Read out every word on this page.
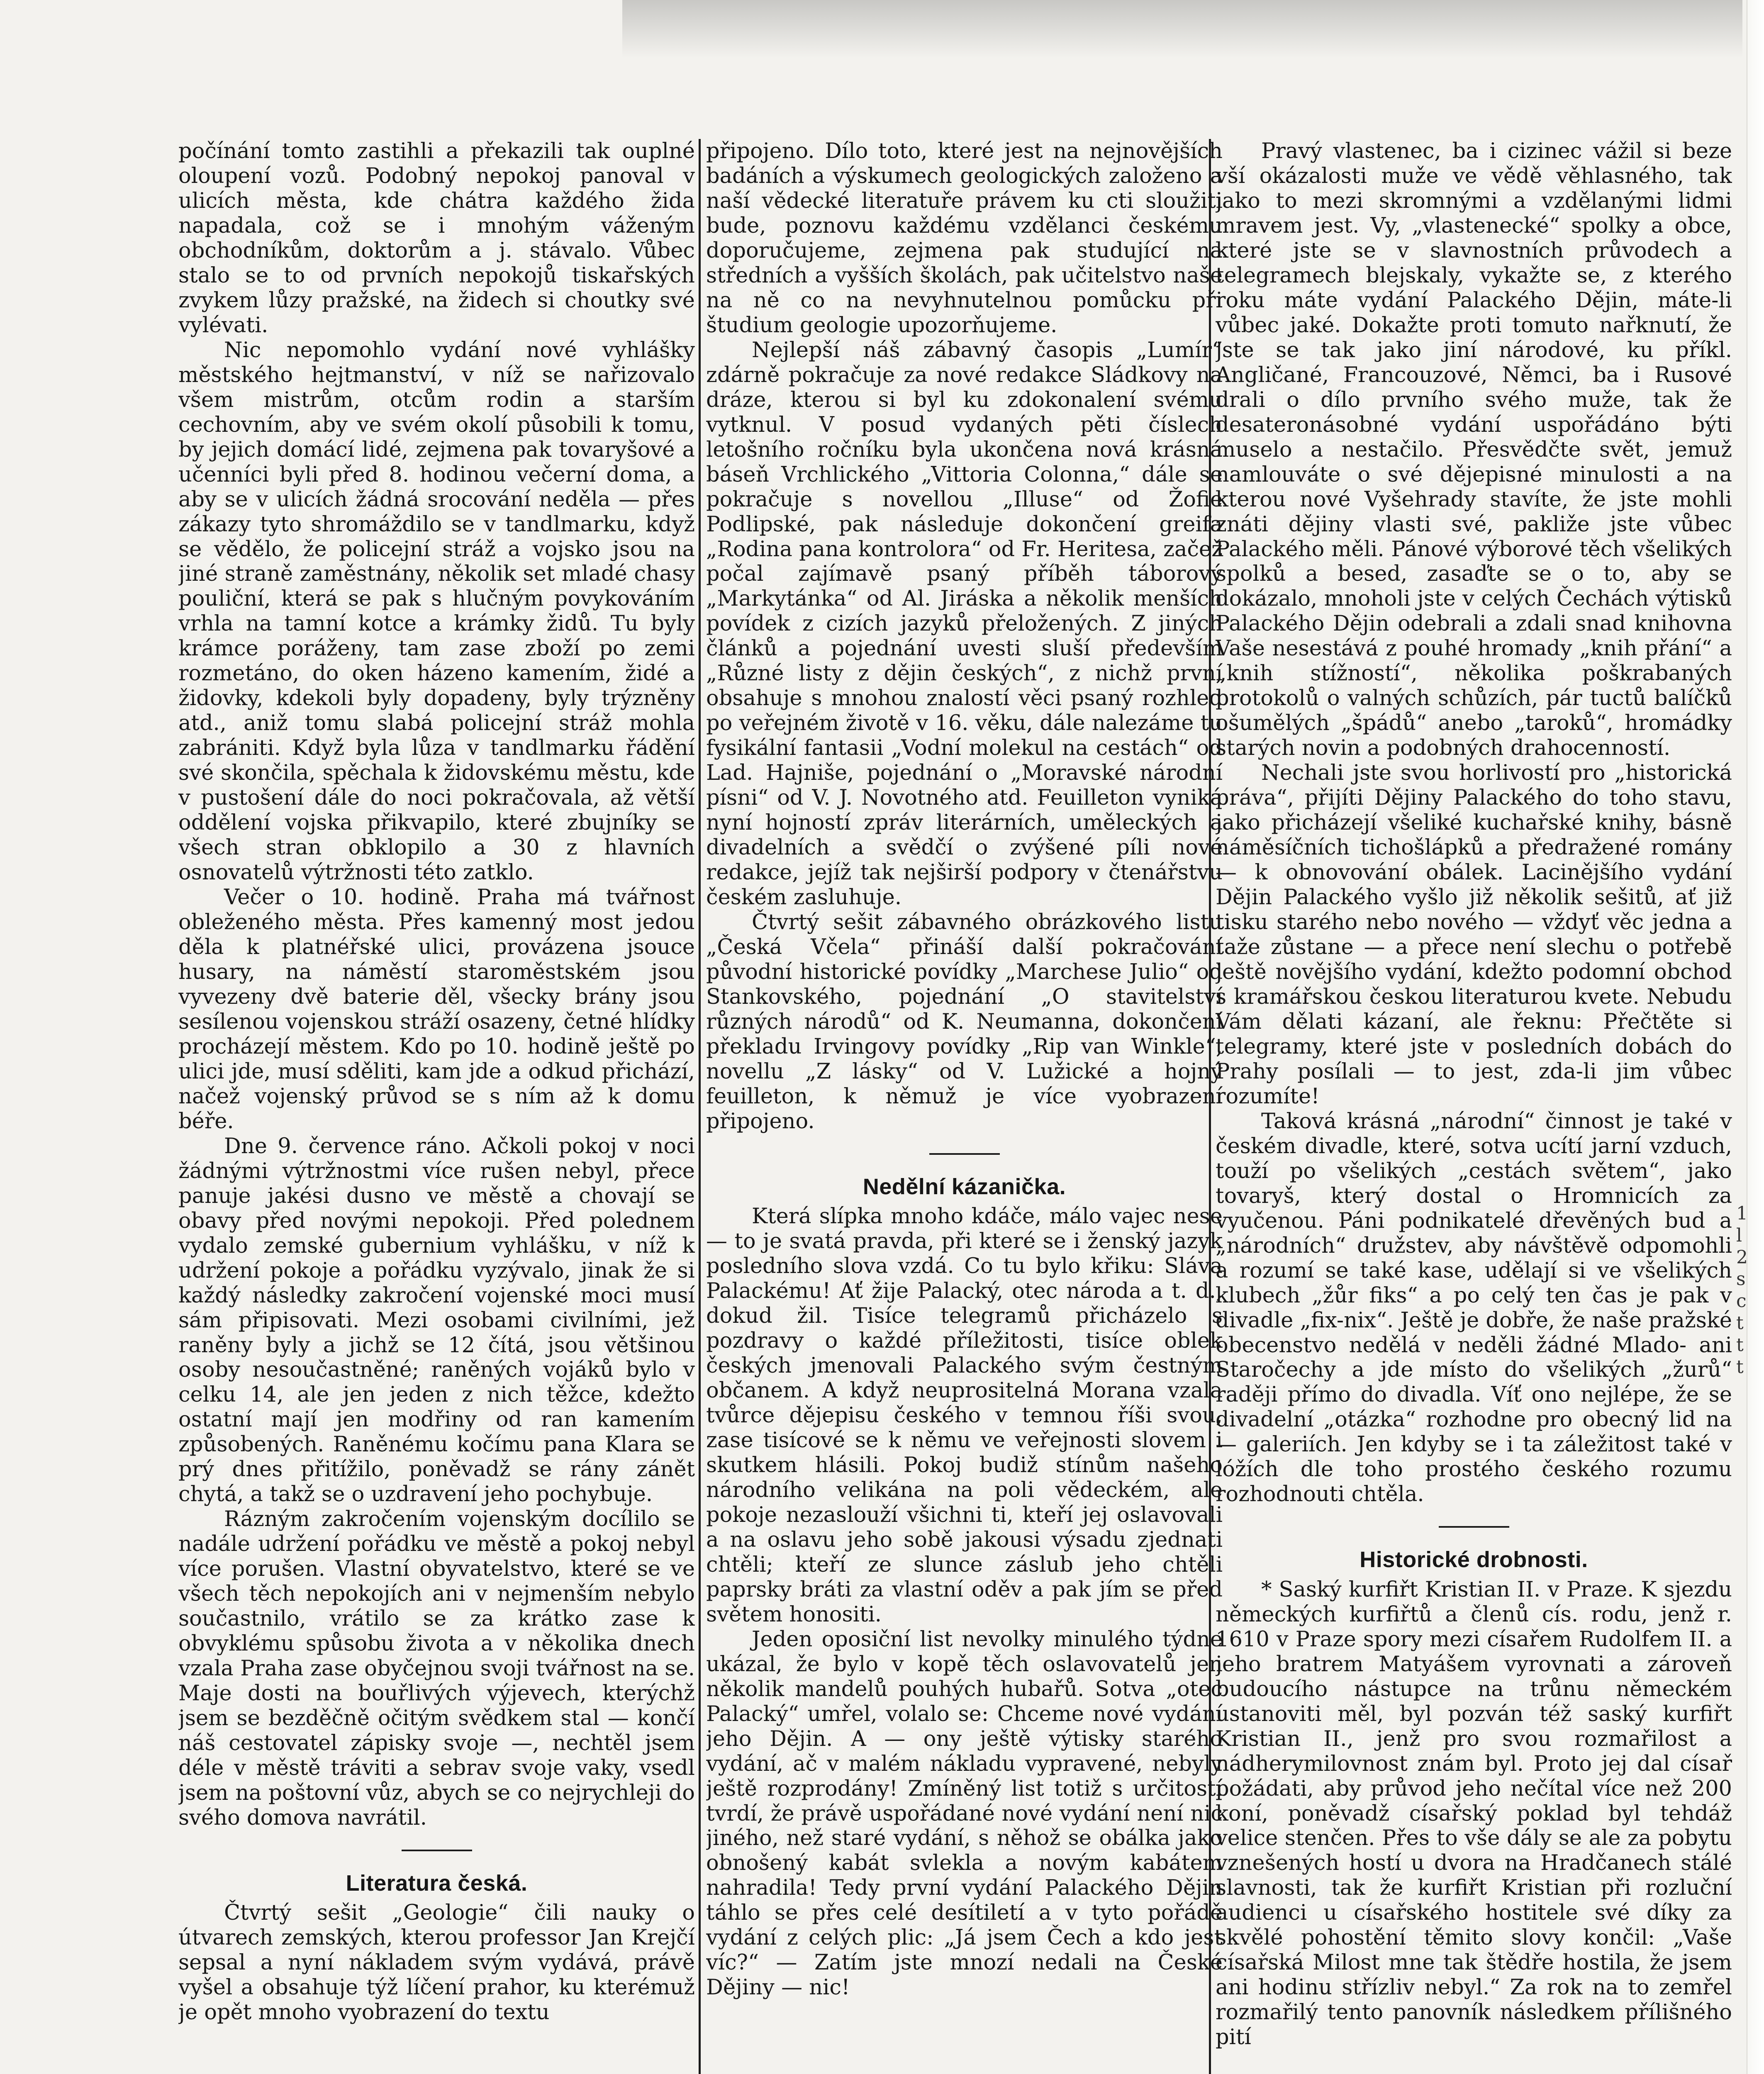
počínání tomto zastihli a překazili tak ouplné oloupení vozů. Podobný nepokoj panoval v ulicích města, kde chátra každého žida napadala, což se i mnohým váženým obchodníkům, doktorům a j. stávalo. Vůbec stalo se to od prvních nepokojů tiskařských zvykem lůzy pražské, na židech si choutky své vylévati.

Nic nepomohlo vydání nové vyhlášky městského hejtmanství, v níž se nařizovalo všem mistrům, otcům rodin a starším cechovním, aby ve svém okolí působili k tomu, by jejich domácí lidé, zejmena pak tovaryšové a učenníci byli před 8. hodinou večerní doma, a aby se v ulicích žádná srocování neděla — přes zákazy tyto shromáždilo se v tandlmarku, když se vědělo, že policejní stráž a vojsko jsou na jiné straně zaměstnány, několik set mladé chasy pouliční, která se pak s hlučným povykováním vrhla na tamní kotce a krámky židů. Tu byly krámce poráženy, tam zase zboží po zemi rozmetáno, do oken házeno kamením, židé a židovky, kdekoli byly dopadeny, byly trýzněny atd., aniž tomu slabá policejní stráž mohla zabrániti. Když byla lůza v tandlmarku řádění své skončila, spěchala k židovskému městu, kde v pustošení dále do noci pokračovala, až větší oddělení vojska přikvapilo, které zbujníky se všech stran obklopilo a 30 z hlavních osnovatelů výtržnosti této zatklo.

Večer o 10. hodině. Praha má tvářnost obleženého města. Přes kamenný most jedou děla k platnéřské ulici, provázena jsouce husary, na náměstí staroměstském jsou vyvezeny dvě baterie děl, všecky brány jsou sesílenou vojenskou stráží osazeny, četné hlídky procházejí městem. Kdo po 10. hodině ještě po ulici jde, musí sděliti, kam jde a odkud přichází, načež vojenský průvod se s ním až k domu béře.

Dne 9. července ráno. Ačkoli pokoj v noci žádnými výtržnostmi více rušen nebyl, přece panuje jakési dusno ve městě a chovají se obavy před novými nepokoji. Před polednem vydalo zemské gubernium vyhlášku, v níž k udržení pokoje a pořádku vyzývalo, jinak že si každý následky zakročení vojenské moci musí sám připisovati. Mezi osobami civilními, jež raněny byly a jichž se 12 čítá, jsou většinou osoby nesoučastněné; raněných vojáků bylo v celku 14, ale jen jeden z nich těžce, kdežto ostatní mají jen modřiny od ran kamením způsobených. Raněnému kočímu pana Klara se prý dnes přitížilo, poněvadž se rány zánět chytá, a takž se o uzdravení jeho pochybuje.

Rázným zakročením vojenským docílilo se nadále udržení pořádku ve městě a pokoj nebyl více porušen. Vlastní obyvatelstvo, které se ve všech těch nepokojích ani v nejmenším nebylo součastnilo, vrátilo se za krátko zase k obvyklému spůsobu života a v několika dnech vzala Praha zase obyčejnou svoji tvářnost na se. Maje dosti na bouřlivých výjevech, kterýchž jsem se bezděčně očitým svědkem stal — končí náš cestovatel zápisky svoje —, nechtěl jsem déle v městě tráviti a sebrav svoje vaky, vsedl jsem na poštovní vůz, abych se co nejrychleji do svého domova navrátil.

Literatura česká.

Čtvrtý sešit „Geologie“ čili nauky o útvarech zemských, kterou professor Jan Krejčí sepsal a nyní nákladem svým vydává, právě vyšel a obsahuje týž líčení prahor, ku kterémuž je opět mnoho vyobrazení do textu

připojeno. Dílo toto, které jest na nejnovějších badáních a výskumech geologických založeno a naší vědecké literatuře právem ku cti sloužiti bude, poznovu každému vzdělanci českému doporučujeme, zejmena pak studující na středních a vyšších školách, pak učitelstvo naše na ně co na nevyhnutelnou pomůcku při študium geologie upozorňujeme.

Nejlepší náš zábavný časopis „Lumír“ zdárně pokračuje za nové redakce Sládkovy na dráze, kterou si byl ku zdokonalení svému vytknul. V posud vydaných pěti číslech letošního ročníku byla ukončena nová krásná báseň Vrchlického „Vittoria Colonna,“ dále se pokračuje s novellou „Illuse“ od Žofie Podlipské, pak následuje dokončení greifa „Rodina pana kontrolora“ od Fr. Heritesa, začež počal zajímavě psaný příběh táborový „Markytánka“ od Al. Jiráska a několik menších povídek z cizích jazyků přeložených. Z jiných článků a pojednání uvesti sluší především „Různé listy z dějin českých“, z nichž první obsahuje s mnohou znalostí věci psaný rozhled po veřejném životě v 16. věku, dále nalezáme tu fysikální fantasii „Vodní molekul na cestách“ od Lad. Hajniše, pojednání o „Moravské národní písni“ od V. J. Novotného atd. Feuilleton vyniká nyní hojností zpráv literárních, uměleckých a divadelních a svědčí o zvýšené píli nové redakce, jejíž tak nejširší podpory v čtenářstvu českém zasluhuje.

Čtvrtý sešit zábavného obrázkového listu „Česká Včela“ přináší další pokračování původní historické povídky „Marchese Julio“ od Stankovského, pojednání „O stavitelství různých národů“ od K. Neumanna, dokončení překladu Irvingovy povídky „Rip van Winkle“, novellu „Z lásky“ od V. Lužické a hojný feuilleton, k němuž je více vyobrazení připojeno.

Nedělní kázanička.

Která slípka mnoho kdáče, málo vajec nese — to je svatá pravda, při které se i ženský jazyk posledního slova vzdá. Co tu bylo křiku: Sláva Palackému! Ať žije Palacký, otec národa a t. d., dokud žil. Tisíce telegramů přicházelo s pozdravy o každé příležitosti, tisíce oblek českých jmenovali Palackého svým čestným občanem. A když neuprositelná Morana vzala tvůrce dějepisu českého v temnou říši svou, zase tisícové se k němu ve veřejnosti slovem i skutkem hlásili. Pokoj budiž stínům našeho národního velikána na poli vědeckém, ale pokoje nezaslouží všichni ti, kteří jej oslavovali a na oslavu jeho sobě jakousi výsadu zjednati chtěli; kteří ze slunce záslub jeho chtěli paprsky bráti za vlastní oděv a pak jím se před světem honositi.

Jeden oposiční list nevolky minulého týdne ukázal, že bylo v kopě těch oslavovatelů jen několik mandelů pouhých hubařů. Sotva „otec Palacký“ umřel, volalo se: Chceme nové vydání jeho Dějin. A — ony ještě výtisky starého vydání, ač v malém nákladu vypravené, nebyly ještě rozprodány! Zmíněný list totiž s určitostí tvrdí, že právě uspořádané nové vydání není nic jiného, než staré vydání, s něhož se obálka jako obnošený kabát svlekla a novým kabátem nahradila! Tedy první vydání Palackého Dějin táhlo se přes celé desítiletí a v tyto pořádě vydání z celých plic: „Já jsem Čech a kdo jest víc?“ — Zatím jste mnozí nedali na České Dějiny — nic!

Pravý vlastenec, ba i cizinec vážil si beze vší okázalosti muže ve vědě věhlasného, tak jako to mezi skromnými a vzdělanými lidmi mravem jest. Vy, „vlastenecké“ spolky a obce, které jste se v slavnostních průvodech a telegramech blejskaly, vykažte se, z kterého roku máte vydání Palackého Dějin, máte-li vůbec jaké. Dokažte proti tomuto nařknutí, že jste se tak jako jiní národové, ku příkl. Angličané, Francouzové, Němci, ba i Rusové drali o dílo prvního svého muže, tak že desateronásobné vydání uspořádáno býti muselo a nestačilo. Přesvědčte svět, jemuž namlouváte o své dějepisné minulosti a na kterou nové Vyšehrady stavíte, že jste mohli znáti dějiny vlasti své, pakliže jste vůbec Palackého měli. Pánové výborové těch všelikých spolků a besed, zasaďte se o to, aby se dokázalo, mnoholi jste v celých Čechách výtisků Palackého Dějin odebrali a zdali snad knihovna Vaše nesestává z pouhé hromady „knih přání“ a „knih stížností“, několika poškrabaných protokolů o valných schůzích, pár tuctů balíčků ošumělých „špádů“ anebo „taroků“, hromádky starých novin a podobných drahocenností.

Nechali jste svou horlivostí pro „historická práva“, přijíti Dějiny Palackého do toho stavu, jako přicházejí všeliké kuchařské knihy, básně náměsíčních tichošlápků a předražené romány — k obnovování obálek. Lacinějšího vydání Dějin Palackého vyšlo již několik sešitů, ať již tisku starého nebo nového — vždyť věc jedna a taže zůstane — a přece není slechu o potřebě ještě novějšího vydání, kdežto podomní obchod s kramářskou českou literaturou kvete. Nebudu Vám dělati kázaní, ale řeknu: Přečtěte si telegramy, které jste v posledních dobách do Prahy posílali — to jest, zda-li jim vůbec rozumíte!

Taková krásná „národní“ činnost je také v českém divadle, které, sotva ucítí jarní vzduch, touží po všelikých „cestách světem“, jako tovaryš, který dostal o Hromnicích za vyučenou. Páni podnikatelé dřevěných bud a „národních“ družstev, aby návštěvě odpomohli a rozumí se také kase, udělají si ve všelikých klubech „žůr fiks“ a po celý ten čas je pak v divadle „fix-nix“. Ještě je dobře, že naše pražské obecenstvo nedělá v neděli žádné Mlado- ani Staročechy a jde místo do všelikých „žurů“ raději přímo do divadla. Víť ono nejlépe, že se divadelní „otázka“ rozhodne pro obecný lid na — galeriích. Jen kdyby se i ta záležitost také v lóžích dle toho prostého českého rozumu rozhodnouti chtěla.

Historické drobnosti.

* Saský kurfiřt Kristian II. v Praze. K sjezdu německých kurfiřtů a členů cís. rodu, jenž r. 1610 v Praze spory mezi císařem Rudolfem II. a jeho bratrem Matyášem vyrovnati a zároveň budoucího nástupce na trůnu německém ustanoviti měl, byl pozván též saský kurfiřt Kristian II., jenž pro svou rozmařilost a nádherymilovnost znám byl. Proto jej dal císař požádati, aby průvod jeho nečítal více než 200 koní, poněvadž císařský poklad byl tehdáž velice stenčen. Přes to vše dály se ale za pobytu vznešených hostí u dvora na Hradčanech stálé slavnosti, tak že kurfiřt Kristian při rozluční audienci u císařského hostitele své díky za skvělé pohostění těmito slovy končil: „Vaše císařská Milost mne tak štědře hostila, že jsem ani hodinu střízliv nebyl.“ Za rok na to zemřel rozmařilý tento panovník následkem přílišného pití

1
l
2
s
c
t
t
t
